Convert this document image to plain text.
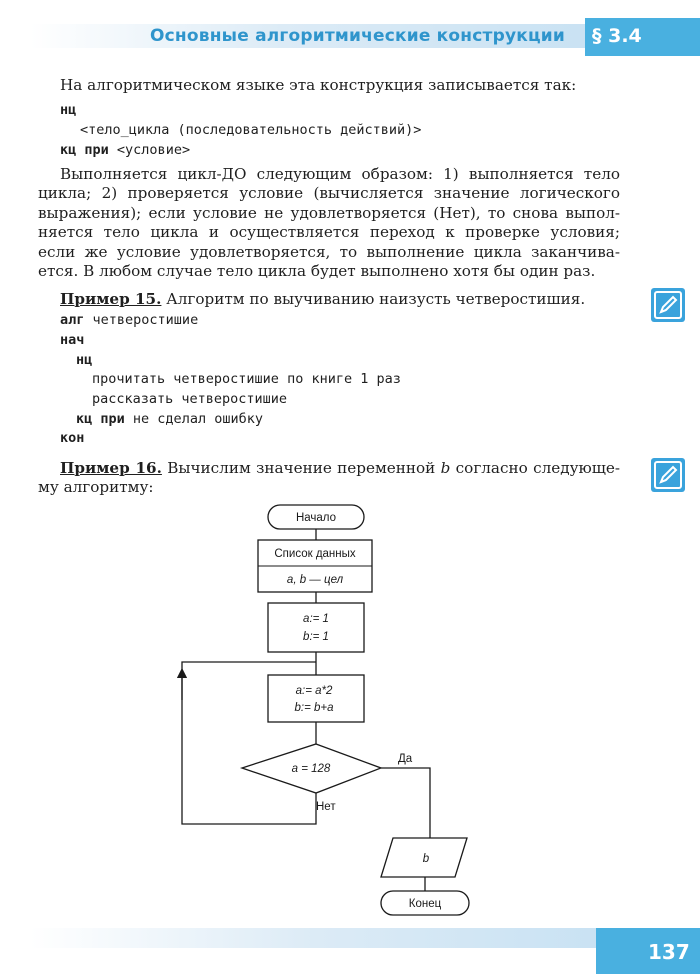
Основные алгоритмические конструкции § 3.4
На алгоритмическом языке эта конструкция записывается так:
нц
<тело_цикла (последовательность действий)>
кц при <условие>
Выполняется цикл-ДО следующим образом: 1) выполняется тело
цикла; 2) проверяется условие (вычисляется значение логического
выражения); если условие не удовлетворяется (Нет), то снова выпол-
няется тело цикла и осуществляется переход к проверке условия;
если же условие удовлетворяется, то выполнение цикла заканчива-
ется. В любом случае тело цикла будет выполнено хотя бы один раз.
Пример 15. Алгоритм по выучиванию наизусть четверостишия.
алг четверостишие
нач
нц
прочитать четверостишие по книге 1 раз
рассказать четверостишие
кц при не сделал ошибку
кон
Пример 16. Вычислим значение переменной b согласно следующе-
му алгоритму:
Начало
Список данных
a, b — цел
a:= 1
b:= 1
a:= a*2
b:= b+a
a = 128
Да
Нет
b
Конец
137
